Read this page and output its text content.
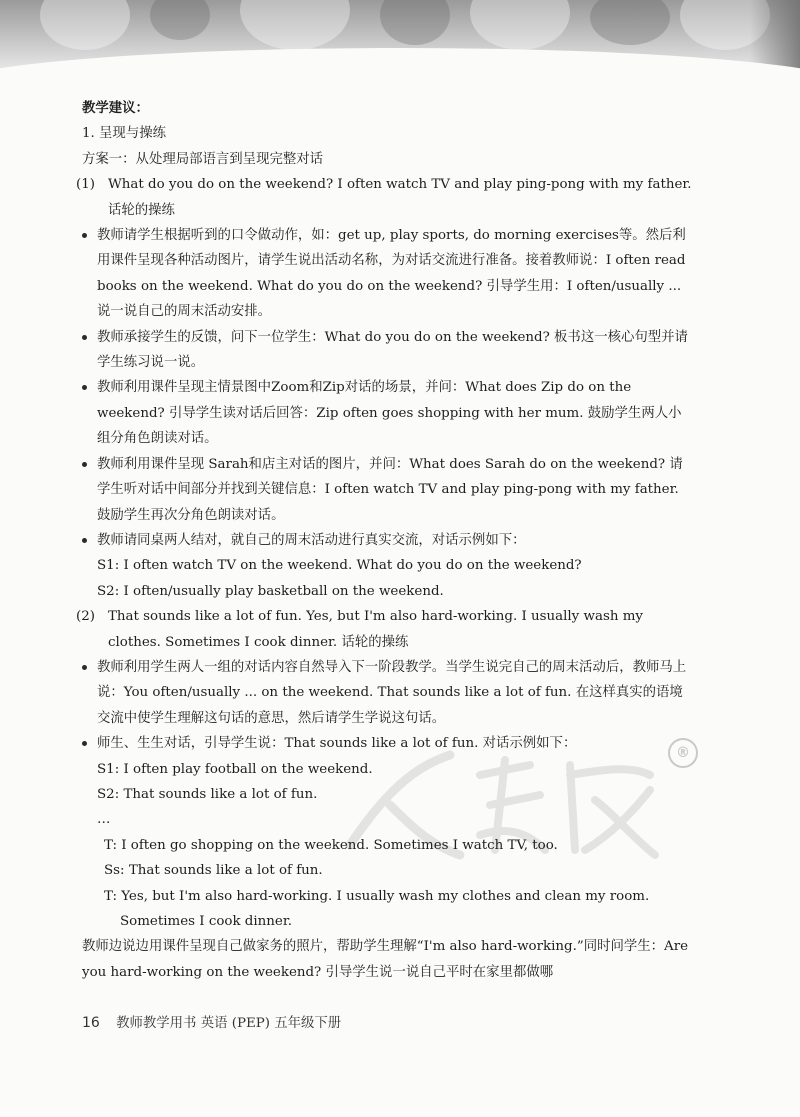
®

教学建议：

1. 呈现与操练

方案一：从处理局部语言到呈现完整对话

(1) What do you do on the weekend? I often watch TV and play ping-pong with my father. 话轮的操练
教师请学生根据听到的口令做动作，如：get up, play sports, do morning exercises等。然后利用课件呈现各种活动图片，请学生说出活动名称，为对话交流进行准备。接着教师说：I often read books on the weekend. What do you do on the weekend? 引导学生用：I often/usually ... 说一说自己的周末活动安排。
教师承接学生的反馈，问下一位学生：What do you do on the weekend? 板书这一核心句型并请学生练习说一说。
教师利用课件呈现主情景图中Zoom和Zip对话的场景，并问：What does Zip do on the weekend? 引导学生读对话后回答：Zip often goes shopping with her mum. 鼓励学生两人小组分角色朗读对话。
教师利用课件呈现 Sarah和店主对话的图片，并问：What does Sarah do on the weekend? 请学生听对话中间部分并找到关键信息：I often watch TV and play ping-pong with my father. 鼓励学生再次分角色朗读对话。
教师请同桌两人结对，就自己的周末活动进行真实交流，对话示例如下：

S1: I often watch TV on the weekend. What do you do on the weekend?

S2: I often/usually play basketball on the weekend.

(2) That sounds like a lot of fun. Yes, but I'm also hard-working. I usually wash my clothes. Sometimes I cook dinner. 话轮的操练
教师利用学生两人一组的对话内容自然导入下一阶段教学。当学生说完自己的周末活动后，教师马上说：You often/usually ... on the weekend. That sounds like a lot of fun. 在这样真实的语境交流中使学生理解这句话的意思，然后请学生学说这句话。
师生、生生对话，引导学生说：That sounds like a lot of fun. 对话示例如下：

S1: I often play football on the weekend.

S2: That sounds like a lot of fun.

…

T: I often go shopping on the weekend. Sometimes I watch TV, too.

Ss: That sounds like a lot of fun.

T: Yes, but I'm also hard-working. I usually wash my clothes and clean my room. Sometimes I cook dinner.

教师边说边用课件呈现自己做家务的照片，帮助学生理解“I'm also hard-working.”同时问学生：Are you hard-working on the weekend? 引导学生说一说自己平时在家里都做哪

16 教师教学用书 英语 (PEP) 五年级下册
